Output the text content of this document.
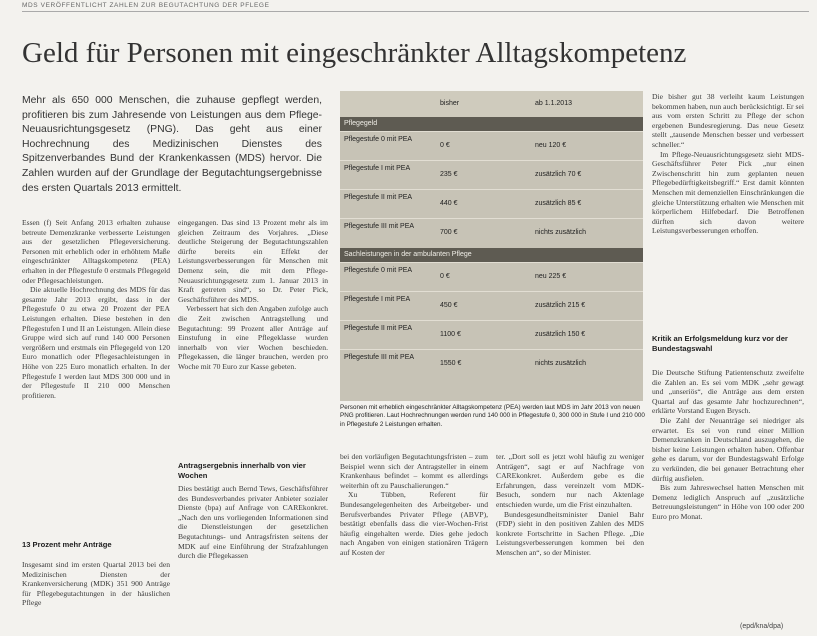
MDS VERÖFFENTLICHT ZAHLEN ZUR BEGUTACHTUNG DER PFLEGE
Geld für Personen mit eingeschränkter Alltagskompetenz
Mehr als 650 000 Menschen, die zuhause gepflegt werden, profitieren bis zum Jahresende von Leistungen aus dem Pflege-Neuausrichtungsgesetz (PNG). Das geht aus einer Hochrechnung des Medizinischen Dienstes des Spitzenverbandes Bund der Krankenkassen (MDS) hervor. Die Zahlen wurden auf der Grundlage der Begutachtungsergebnisse des ersten Quartals 2013 ermittelt.

Essen (f) Seit Anfang 2013 erhalten zuhause betreute Demenzkranke verbesserte Leistungen aus der gesetzlichen Pflegeversicherung. Personen mit erheblich oder in erhöhtem Maße eingeschränkter Alltagskompetenz (PEA) erhalten in der Pflegestufe 0 erstmals Pflegegeld oder Pflegesachleistungen.

Die aktuelle Hochrechnung des MDS für das gesamte Jahr 2013 ergibt, dass in der Pflegestufe 0 zu etwa 20 Prozent der PEA Leistungen erhalten. Diese bestehen in den Pflegestufen I und II an Leistungen. Allein diese Gruppe wird sich auf rund 140 000 Personen vergrößern und erstmals ein Pflegegeld von 120 Euro monatlich oder Pflegesachleistungen in Höhe von 225 Euro monatlich erhalten. In der Pflegestufe I werden laut MDS 300 000 und in der Pflegestufe II 210 000 Menschen profitieren.

13 Prozent mehr Anträge

Insgesamt sind im ersten Quartal 2013 bei den Medizinischen Diensten der Krankenversicherung (MDK) 351 900 Anträge für Pflegebegutachtungen in der häuslichen Pflege

eingegangen. Das sind 13 Prozent mehr als im gleichen Zeitraum des Vorjahres. „Diese deutliche Steigerung der Begutachtungszahlen dürfte bereits ein Effekt der Leistungsverbesserungen für Menschen mit Demenz sein, die mit dem Pflege-Neuausrichtungsgesetz zum 1. Januar 2013 in Kraft getreten sind“, so Dr. Peter Pick, Geschäftsführer des MDS.

Verbessert hat sich den Angaben zufolge auch die Zeit zwischen Antragstellung und Begutachtung: 99 Prozent aller Anträge auf Einstufung in eine Pflegeklasse wurden innerhalb von vier Wochen beschieden. Pflegekassen, die länger brauchen, werden pro Woche mit 70 Euro zur Kasse gebeten.

Antragsergebnis innerhalb von vier Wochen

Dies bestätigt auch Bernd Tews, Geschäftsführer des Bundesverbandes privater Anbieter sozialer Dienste (bpa) auf Anfrage von CAREkonkret. „Nach den uns vorliegenden Informationen sind die Dienstleistungen der gesetzlichen Begutachtungs- und Antragsfristen seitens der MDK auf eine Einführung der Strafzahlungen durch die Pflegekassen

bisher	ab 1.1.2013
Pflegegeld
Pflegestufe 0 mit PEA
0 €	neu 120 €
Pflegestufe I mit PEA
235 €	zusätzlich 70 €
Pflegestufe II mit PEA
440 €	zusätzlich 85 €
Pflegestufe III mit PEA
700 €	nichts zusätzlich
Sachleistungen in der ambulanten Pflege
Pflegestufe 0 mit PEA
0 €	neu 225 €
Pflegestufe I mit PEA
450 €	zusätzlich 215 €
Pflegestufe II mit PEA
1100 €	zusätzlich 150 €
Pflegestufe III mit PEA
1550 €	nichts zusätzlich
Personen mit erheblich eingeschränkter Alltagskompetenz (PEA) werden laut MDS im Jahr 2013 von neuen PNG profitieren. Laut Hochrechnungen werden rund 140 000 in Pflegestufe 0, 300 000 in Stufe I und 210 000 in Pflegestufe 2 Leistungen erhalten.

bei den vorläufigen Begutachtungsfristen – zum Beispiel wenn sich der Antragsteller in einem Krankenhaus befindet – kommt es allerdings weiterhin oft zu Pauschalierungen.“

Xu Tübben, Referent für Bundesangelegenheiten des Arbeitgeber- und Berufsverbandes Privater Pflege (ABVP), bestätigt ebenfalls dass die vier-Wochen-Frist häufig eingehalten werde. Dies gehe jedoch nach Angaben von einigen stationären Trägern auf Kosten der

ter. „Dort soll es jetzt wohl häufig zu weniger Anträgen“, sagt er auf Nachfrage von CAREkonkret. Außerdem gebe es die Erfahrungen, dass vereinzelt vom MDK-Besuch, sondern nur nach Aktenlage entschieden wurde, um die Frist einzuhalten.

Bundesgesundheitsminister Daniel Bahr (FDP) sieht in den positiven Zahlen des MDS konkrete Fortschritte in Sachen Pflege. „Die Leistungsverbesserungen kommen bei den Menschen an“, so der Minister.

Die bisher gut 38 verleiht kaum Leistungen bekommen haben, nun auch berücksichtigt. Er sei aus vom ersten Schritt zu Pflege der schon ergebenen Bundesregierung. Das neue Gesetz stellt „tausende Menschen besser und verbessert schneller.“

Im Pflege-Neuausrichtungsgesetz sieht MDS-Geschäftsführer Peter Pick „nur einen Zwischenschritt hin zum geplanten neuen Pflegebedürftigkeitsbegriff.“ Erst damit könnten Menschen mit demenziellen Einschränkungen die gleiche Unterstützung erhalten wie Menschen mit körperlichem Hilfebedarf. Die Betroffenen dürften sich davon weitere Leistungsverbesserungen erhoffen.

Kritik an Erfolgsmeldung kurz vor der Bundestagswahl

Die Deutsche Stiftung Patientenschutz zweifelte die Zahlen an. Es sei vom MDK „sehr gewagt und „unseriös“, die Anträge aus dem ersten Quartal auf das gesamte Jahr hochzurechnen“, erklärte Vorstand Eugen Brysch.

Die Zahl der Neuanträge sei niedriger als erwartet. Es sei von rund einer Million Demenzkranken in Deutschland auszugehen, die bisher keine Leistungen erhalten haben. Offenbar gehe es darum, vor der Bundestagswahl Erfolge zu verkünden, die bei genauer Betrachtung eher dürftig ausfielen.

Bis zum Jahreswechsel hatten Menschen mit Demenz lediglich Anspruch auf „zusätzliche Betreuungsleistungen“ in Höhe von 100 oder 200 Euro pro Monat.

(epd/kna/dpa)
